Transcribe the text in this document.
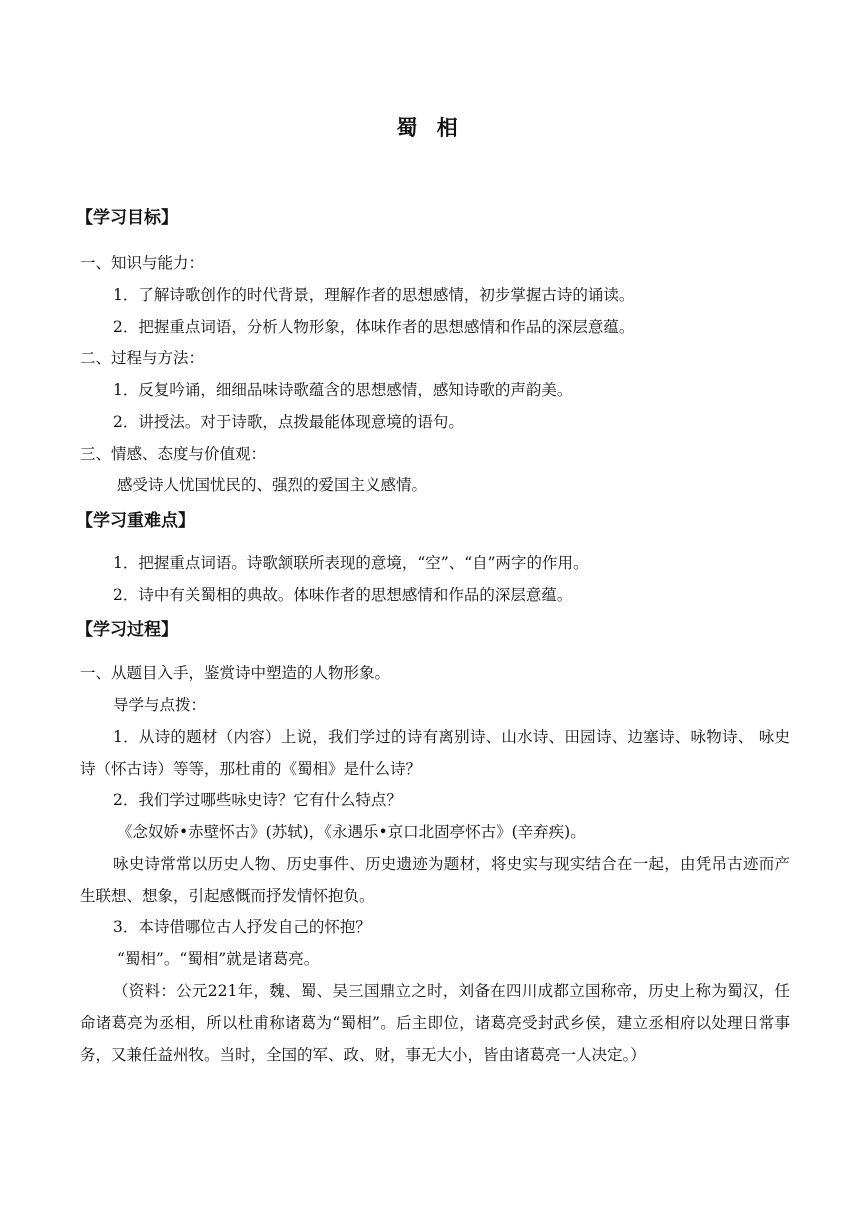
蜀 相
【学习目标】
一、知识与能力：
1．了解诗歌创作的时代背景，理解作者的思想感情，初步掌握古诗的诵读。
2．把握重点词语，分析人物形象，体味作者的思想感情和作品的深层意蕴。
二、过程与方法：
1．反复吟诵，细细品味诗歌蕴含的思想感情，感知诗歌的声韵美。
2．讲授法。对于诗歌，点拨最能体现意境的语句。
三、情感、态度与价值观：
感受诗人忧国忧民的、强烈的爱国主义感情。
【学习重难点】
1．把握重点词语。诗歌颔联所表现的意境，“空”、“自”两字的作用。
2．诗中有关蜀相的典故。体味作者的思想感情和作品的深层意蕴。
【学习过程】
一、从题目入手，鉴赏诗中塑造的人物形象。
导学与点拨：
1．从诗的题材（内容）上说，我们学过的诗有离别诗、山水诗、田园诗、边塞诗、咏物诗、 咏史诗（怀古诗）等等，那杜甫的《蜀相》是什么诗？
2．我们学过哪些咏史诗？它有什么特点？
《念奴娇•赤壁怀古》(苏轼)，《永遇乐•京口北固亭怀古》(辛弃疾)。
咏史诗常常以历史人物、历史事件、历史遗迹为题材，将史实与现实结合在一起，由凭吊古迹而产生联想、想象，引起感慨而抒发情怀抱负。
3．本诗借哪位古人抒发自己的怀抱？
“蜀相”。“蜀相”就是诸葛亮。
（资料：公元221年，魏、蜀、吴三国鼎立之时，刘备在四川成都立国称帝，历史上称为蜀汉，任命诸葛亮为丞相，所以杜甫称诸葛为“蜀相”。后主即位，诸葛亮受封武乡侯，建立丞相府以处理日常事务，又兼任益州牧。当时，全国的军、政、财，事无大小，皆由诸葛亮一人决定。）
